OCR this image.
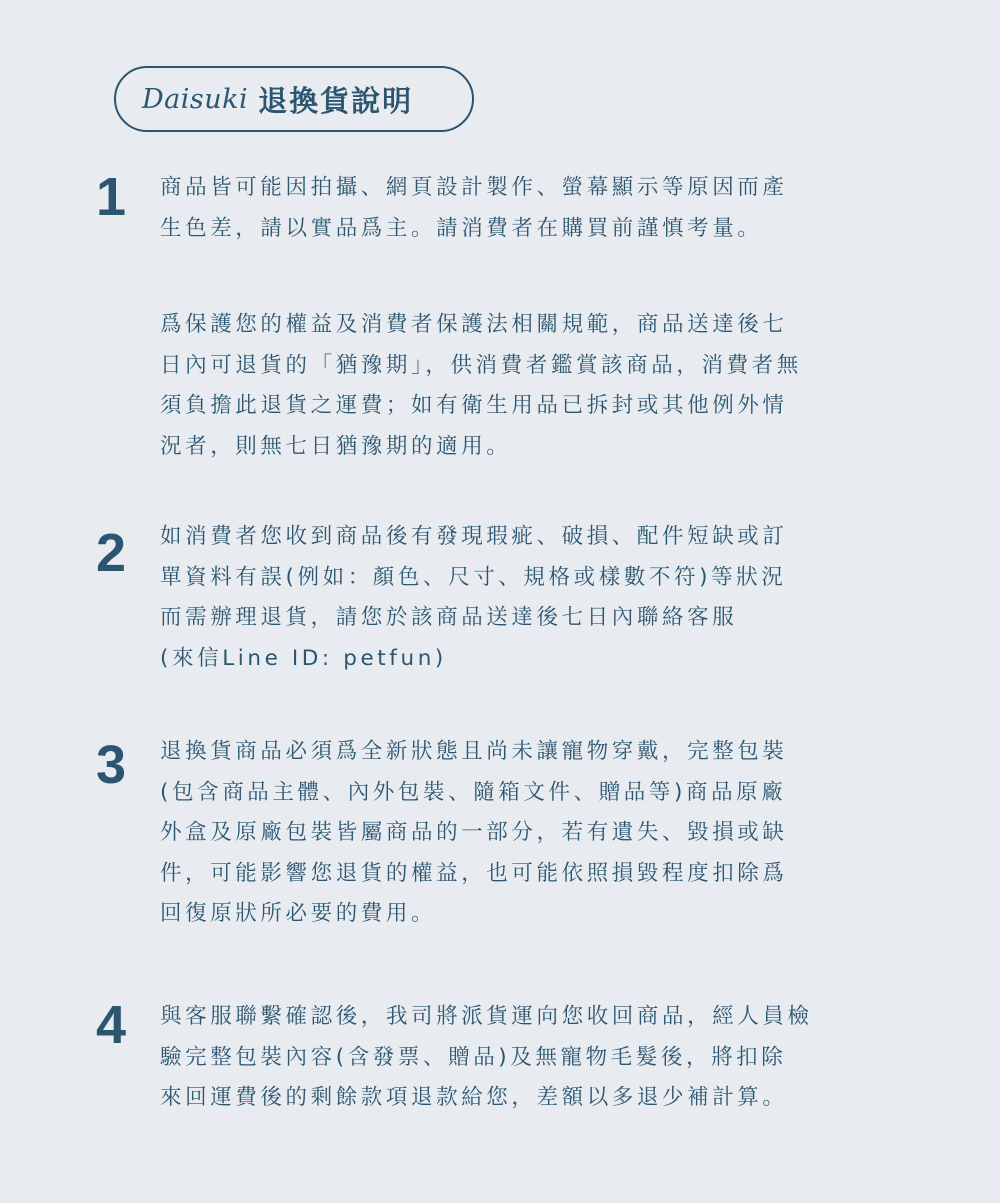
Daisuki 退換貨說明
1	商品皆可能因拍攝、網頁設計製作、螢幕顯示等原因而產
生色差，請以實品爲主。請消費者在購買前謹慎考量。

爲保護您的權益及消費者保護法相關規範，商品送達後七
日內可退貨的「猶豫期」，供消費者鑑賞該商品，消費者無
須負擔此退貨之運費；如有衛生用品已拆封或其他例外情
況者，則無七日猶豫期的適用。

2	如消費者您收到商品後有發現瑕疵、破損、配件短缺或訂
單資料有誤(例如：顏色、尺寸、規格或樣數不符)等狀況
而需辦理退貨，請您於該商品送達後七日內聯絡客服
(來信Line ID: petfun)

3	退換貨商品必須爲全新狀態且尚未讓寵物穿戴，完整包裝
(包含商品主體、內外包裝、隨箱文件、贈品等)商品原廠
外盒及原廠包裝皆屬商品的一部分，若有遺失、毀損或缺
件，可能影響您退貨的權益，也可能依照損毀程度扣除爲
回復原狀所必要的費用。

4	與客服聯繫確認後，我司將派貨運向您收回商品，經人員檢
驗完整包裝內容(含發票、贈品)及無寵物毛髮後，將扣除
來回運費後的剩餘款項退款給您，差額以多退少補計算。
